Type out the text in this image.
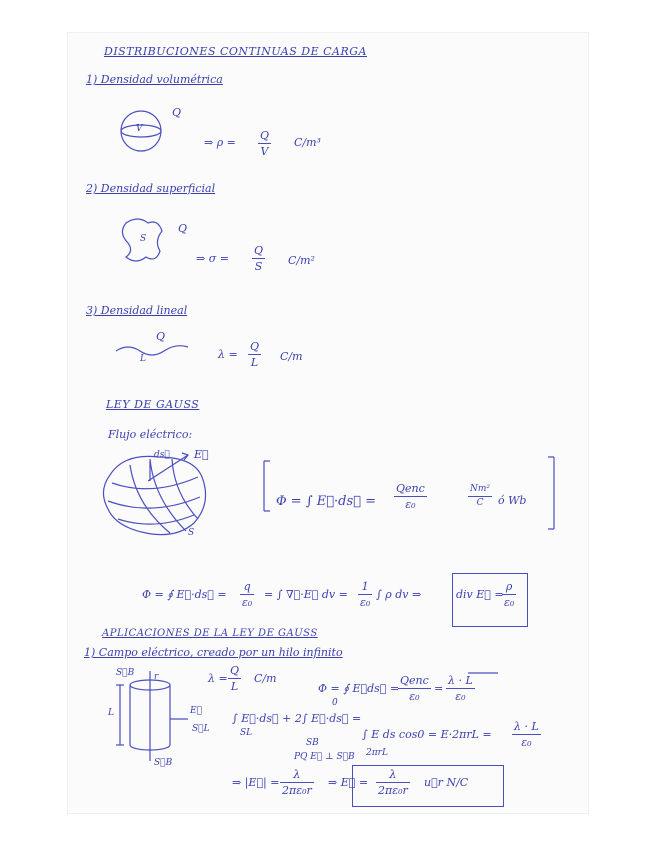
DISTRIBUCIONES CONTINUAS DE CARGA
1) Densidad volumétrica
Q
V
⇒ $\rho = \frac{Q}{V} C/m^3$
2) Densidad superficial
Q
S
⇒ $\sigma = \frac{Q}{S} C/m^2$
3) Densidad lineal
Q
L	$\lambda = \frac{Q}{L} C/m$
LEY DE GAUSS
Flujo eléctrico:
E⃗
ds⃗
S
Φ = ∫ E⃗·ds⃗ =
Qenc
ε₀	$\frac{\text{Nm²}}{C}$ ó Wb
Φ = ∮ E⃗·ds⃗ = $\frac{q}{\text{ε₀}}$ = ∫ ∇⃗·E⃗ dv = $\frac{1}{\text{ε₀}}$ ∫ ρ dv ⇒	div E⃗ =
$\frac{\rho}{\text{ε₀}}$
APLICACIONES DE LA LEY DE GAUSS
1) Campo eléctrico, creado por un hilo infinito
S⃗B
S⃗B
S⃗L
E⃗
L
r	$\lambda = \frac{Q}{L} C/m$
Φ = ∮ E⃗ds⃗ =
Qenc
ε₀
= $\frac{\lambda \cdot L}{\text{ε₀}}$
∫ E⃗·ds⃗ + 2∫ E⃗·ds⃗ =
SL
SB
0
PQ E⃗ ⊥ S⃗B
∫ E ds $\cos 0 = E\cdot 2\pi rL = \frac{\lambda \cdot L}{\text{ε₀}}$
2πrL
⇒ |E⃗| = $\frac{\lambda}{\text{2πε₀r}}$ ⇒ E⃗ = $\frac{\lambda}{\text{2πε₀r}}$ u⃗r N/C
